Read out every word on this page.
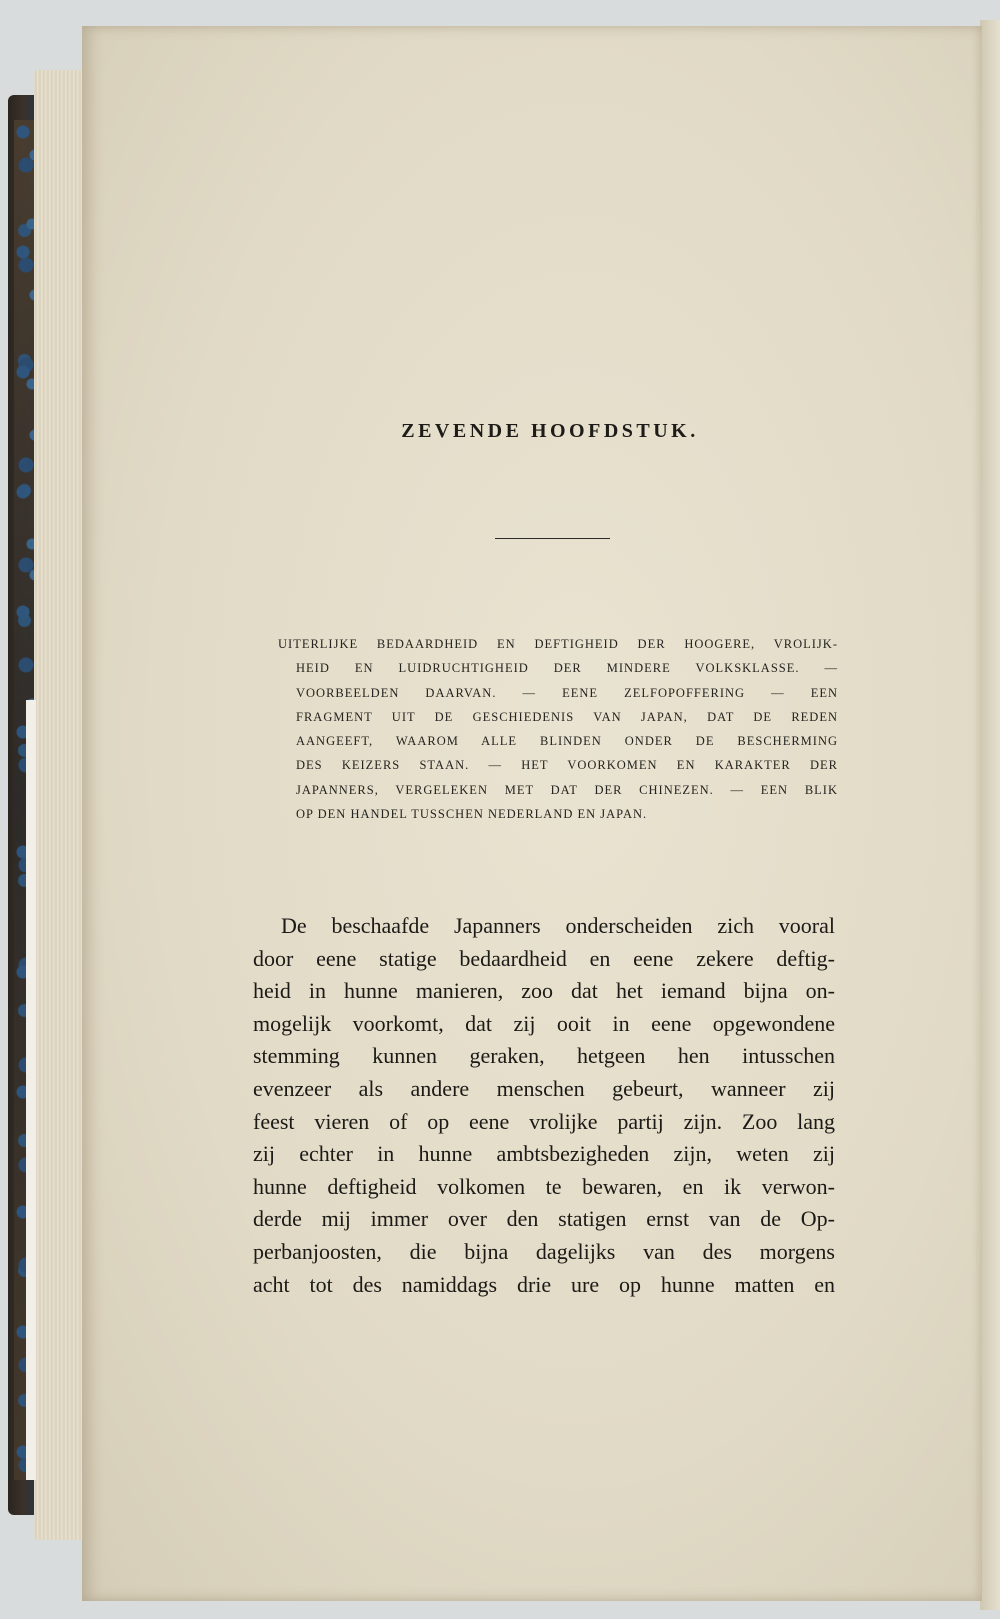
ZEVENDE HOOFDSTUK.
UITERLIJKE BEDAARDHEID EN DEFTIGHEID DER HOOGERE, VROLIJK-
HEID EN LUIDRUCHTIGHEID DER MINDERE VOLKSKLASSE. —
VOORBEELDEN DAARVAN. — EENE ZELFOPOFFERING — EEN
FRAGMENT UIT DE GESCHIEDENIS VAN JAPAN, DAT DE REDEN
AANGEEFT, WAAROM ALLE BLINDEN ONDER DE BESCHERMING
DES KEIZERS STAAN. — HET VOORKOMEN EN KARAKTER DER
JAPANNERS, VERGELEKEN MET DAT DER CHINEZEN. — EEN BLIK
OP DEN HANDEL TUSSCHEN NEDERLAND EN JAPAN.
De beschaafde Japanners onderscheiden zich vooral
door eene statige bedaardheid en eene zekere deftig-
heid in hunne manieren, zoo dat het iemand bijna on-
mogelijk voorkomt, dat zij ooit in eene opgewondene
stemming kunnen geraken, hetgeen hen intusschen
evenzeer als andere menschen gebeurt, wanneer zij
feest vieren of op eene vrolijke partij zijn. Zoo lang
zij echter in hunne ambtsbezigheden zijn, weten zij
hunne deftigheid volkomen te bewaren, en ik verwon-
derde mij immer over den statigen ernst van de Op-
perbanjoosten, die bijna dagelijks van des morgens
acht tot des namiddags drie ure op hunne matten en
